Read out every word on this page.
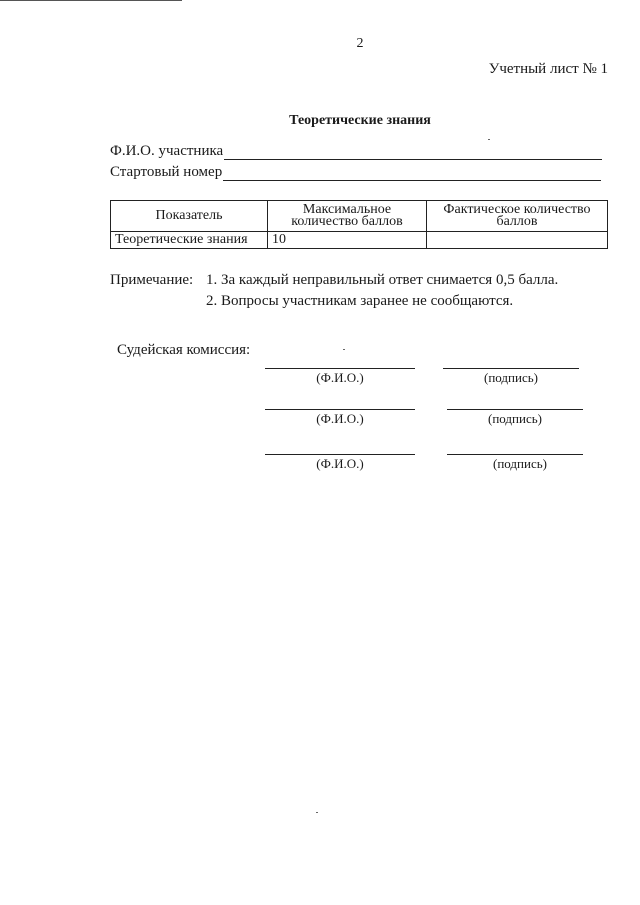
2
Учетный лист № 1
Теоретические знания
Ф.И.О. участника
Стартовый номер
Показатель	Максимальное количество баллов	Фактическое количество баллов
Теоретические знания	10	
Примечание: 1. За каждый неправильный ответ снимается 0,5 балла.
2. Вопросы участникам заранее не сообщаются.
Судейская комиссия:
(Ф.И.О.)	(подпись)
(Ф.И.О.)	(подпись)
(Ф.И.О.)	(подпись)
